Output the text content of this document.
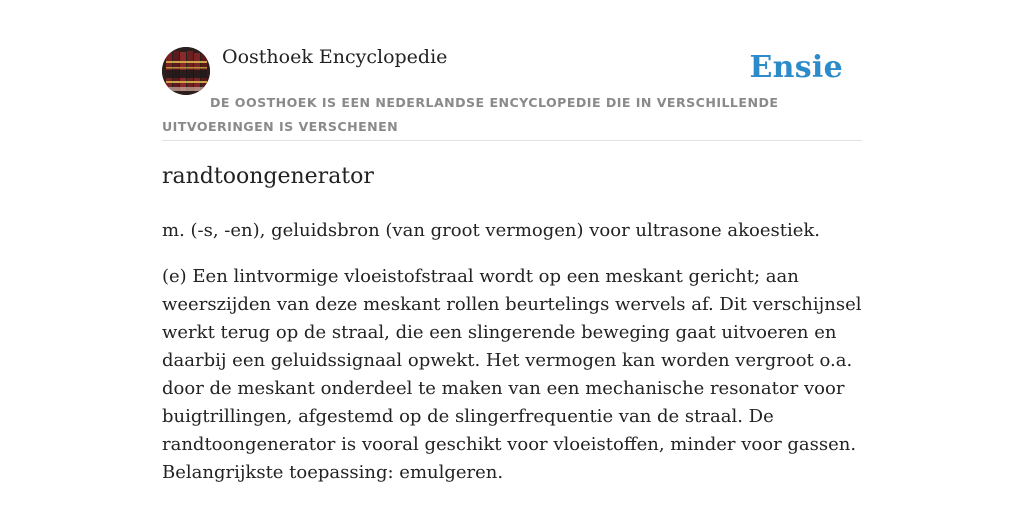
Oosthoek Encyclopedie	Ensie
DE OOSTHOEK IS EEN NEDERLANDSE ENCYCLOPEDIE DIE IN VERSCHILLENDE UITVOERINGEN IS VERSCHENEN
randtoongenerator

m. (-s, -en), geluidsbron (van groot vermogen) voor ultrasone akoestiek.

(e) Een lintvormige vloeistofstraal wordt op een meskant gericht; aan weerszijden van deze meskant rollen beurtelings wervels af. Dit verschijnsel werkt terug op de straal, die een slingerende beweging gaat uitvoeren en daarbij een geluidssignaal opwekt. Het vermogen kan worden vergroot o.a. door de meskant onderdeel te maken van een mechanische resonator voor buigtrillingen, afgestemd op de slingerfrequentie van de straal. De randtoongenerator is vooral geschikt voor vloeistoffen, minder voor gassen. Belangrijkste toepassing: emulgeren.
